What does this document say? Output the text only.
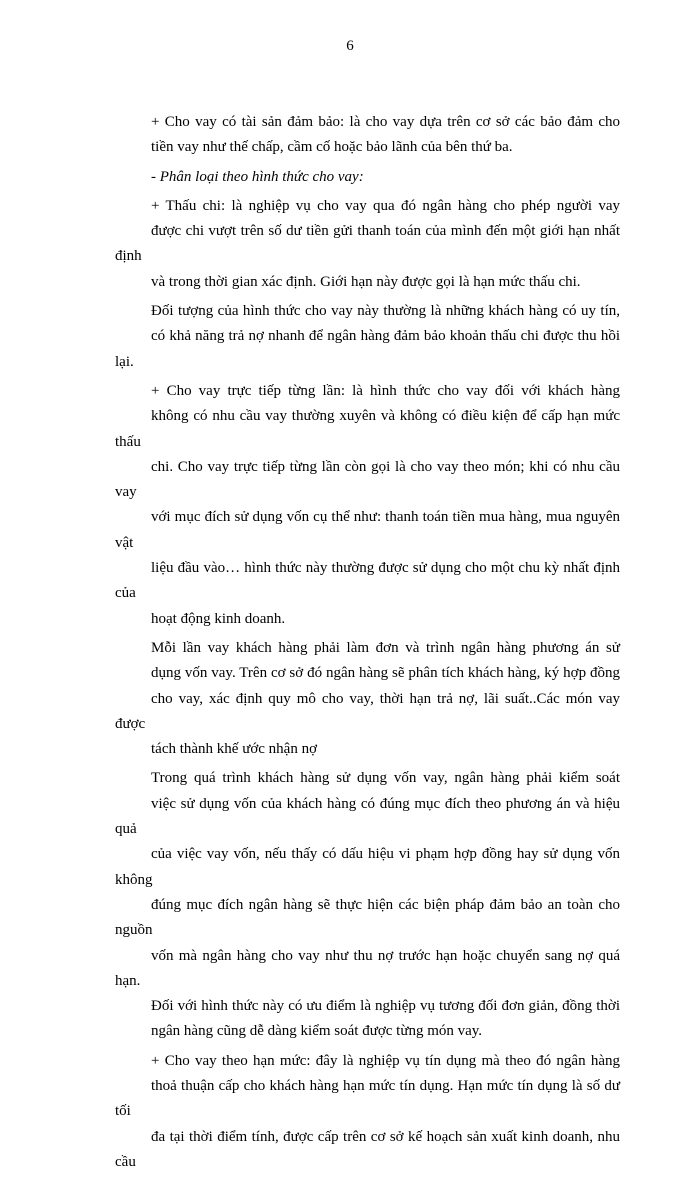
6
+ Cho vay có tài sản đảm bảo: là cho vay dựa trên cơ sở các bảo đảm cho
tiền vay như thế chấp, cầm cố hoặc bảo lãnh của bên thứ ba.
- Phân loại theo hình thức cho vay:
+ Thấu chi: là nghiệp vụ cho vay qua đó ngân hàng cho phép người vay
được chi vượt trên số dư tiền gửi thanh toán của mình đến một giới hạn nhất định
và trong thời gian xác định. Giới hạn này được gọi là hạn mức thấu chi.
Đối tượng của hình thức cho vay này thường là những khách hàng có uy tín,
có khả năng trả nợ nhanh để ngân hàng đảm bảo khoản thấu chi được thu hồi lại.
+ Cho vay trực tiếp từng lần: là hình thức cho vay đối với khách hàng
không có nhu cầu vay thường xuyên và không có điều kiện để cấp hạn mức thấu
chi. Cho vay trực tiếp từng lần còn gọi là cho vay theo món; khi có nhu cầu vay
với mục đích sử dụng vốn cụ thể như: thanh toán tiền mua hàng, mua nguyên vật
liệu đầu vào… hình thức này thường được sử dụng cho một chu kỳ nhất định của
hoạt động kinh doanh.
Mỗi lần vay khách hàng phải làm đơn và trình ngân hàng phương án sử
dụng vốn vay. Trên cơ sở đó ngân hàng sẽ phân tích khách hàng, ký hợp đồng
cho vay, xác định quy mô cho vay, thời hạn trả nợ, lãi suất..Các món vay được
tách thành khế ước nhận nợ
Trong quá trình khách hàng sử dụng vốn vay, ngân hàng phải kiểm soát
việc sử dụng vốn của khách hàng có đúng mục đích theo phương án và hiệu quả
của việc vay vốn, nếu thấy có dấu hiệu vi phạm hợp đồng hay sử dụng vốn không
đúng mục đích ngân hàng sẽ thực hiện các biện pháp đảm bảo an toàn cho nguồn
vốn mà ngân hàng cho vay như thu nợ trước hạn hoặc chuyển sang nợ quá hạn.
Đối với hình thức này có ưu điểm là nghiệp vụ tương đối đơn giản, đồng thời
ngân hàng cũng dễ dàng kiểm soát được từng món vay.
+ Cho vay theo hạn mức: đây là nghiệp vụ tín dụng mà theo đó ngân hàng
thoả thuận cấp cho khách hàng hạn mức tín dụng. Hạn mức tín dụng là số dư tối
đa tại thời điểm tính, được cấp trên cơ sở kế hoạch sản xuất kinh doanh, nhu cầu
